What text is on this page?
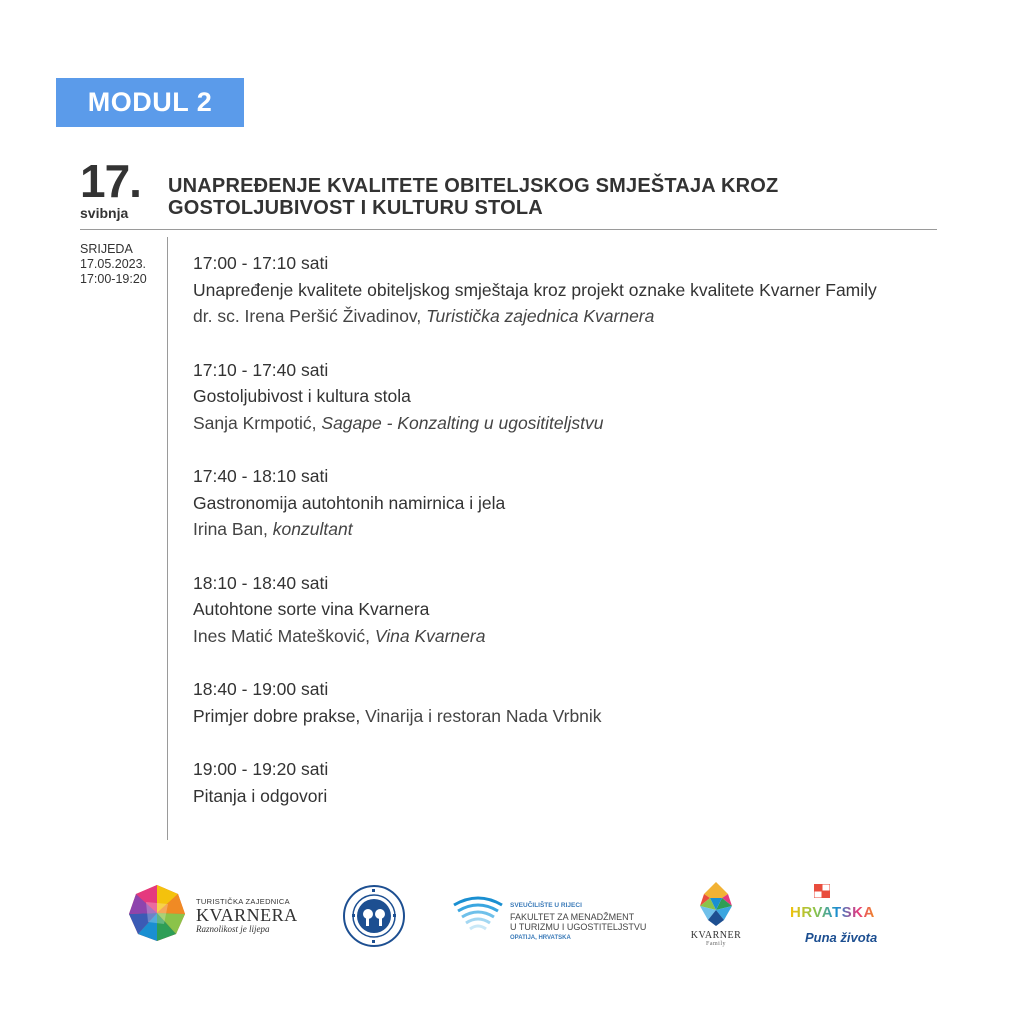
MODUL 2
17.
svibnja
UNAPREĐENJE KVALITETE OBITELJSKOG SMJEŠTAJA KROZ GOSTOLJUBIVOST I KULTURU STOLA
SRIJEDA
17.05.2023.
17:00-19:20
17:00 - 17:10 sati
Unapređenje kvalitete obiteljskog smještaja kroz projekt oznake kvalitete Kvarner Family
dr. sc. Irena Peršić Živadinov, Turistička zajednica Kvarnera
17:10 - 17:40 sati
Gostoljubivost i kultura stola
Sanja Krmpotić, Sagape - Konzalting u ugosititeljstvu
17:40 - 18:10 sati
Gastronomija autohtonih namirnica i jela
Irina Ban, konzultant
18:10 - 18:40 sati
Autohtone sorte vina Kvarnera
Ines Matić Matešković, Vina Kvarnera
18:40 - 19:00 sati
Primjer dobre prakse, Vinarija i restoran Nada Vrbnik
19:00 - 19:20 sati
Pitanja i odgovori
TURISTIČKA ZAJEDNICA
KVARNERA
Raznolikost je lijepa
SVEUČILIŠTE U RIJECI
FAKULTET ZA MENADŽMENT
U TURIZMU I UGOSTITELJSTVU
OPATIJA, HRVATSKA	KVARNER
Family
HRVATSKA
Puna života
